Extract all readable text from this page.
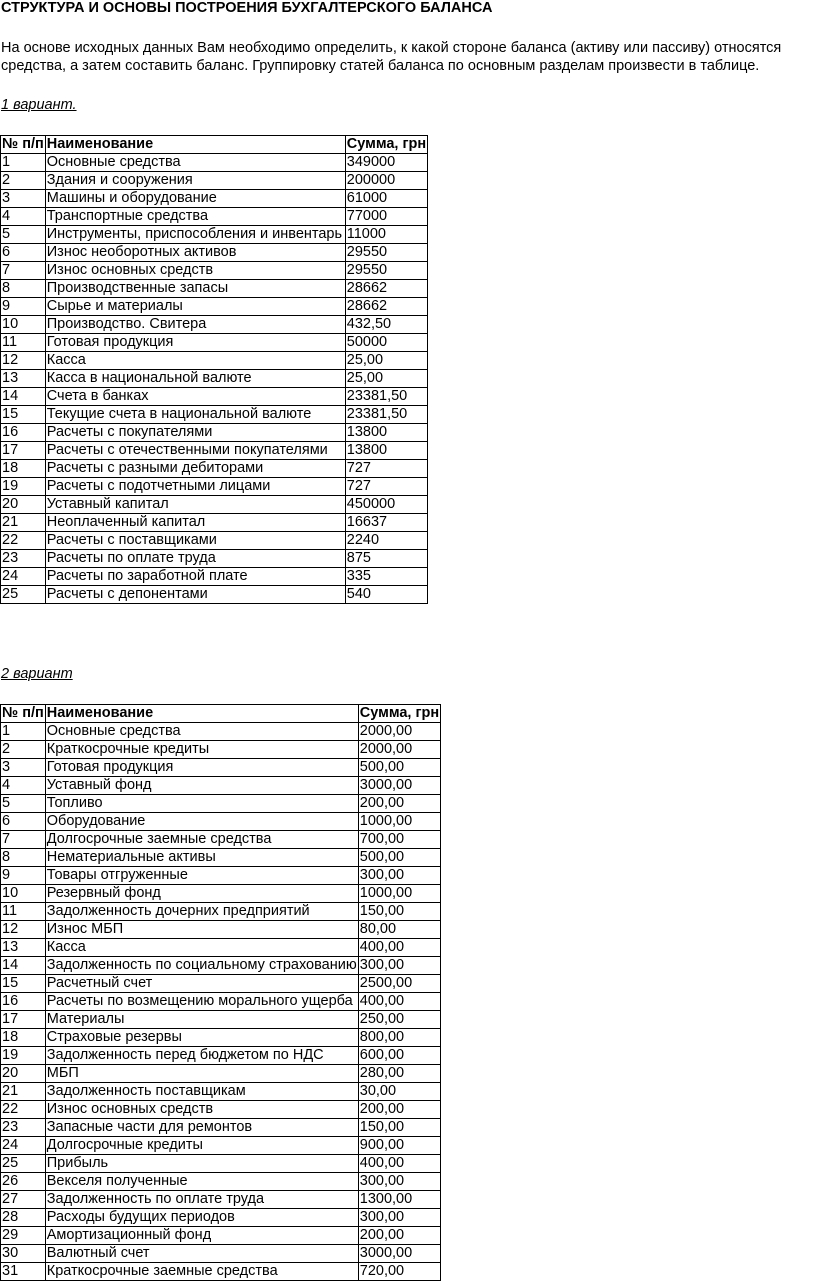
СТРУКТУРА И ОСНОВЫ ПОСТРОЕНИЯ БУХГАЛТЕРСКОГО БАЛАНСА
На основе исходных данных Вам необходимо определить, к какой стороне баланса (активу или пассиву) относятся средства, а затем составить баланс. Группировку статей баланса по основным разделам произвести в таблице.
1 вариант.
№ п/п	Наименование	Сумма, грн
1	Основные средства	349000
2	Здания и сооружения	200000
3	Машины и оборудование	61000
4	Транспортные средства	77000
5	Инструменты, приспособления и инвентарь	11000
6	Износ необоротных активов	29550
7	Износ основных средств	29550
8	Производственные запасы	28662
9	Сырье и материалы	28662
10	Производство. Свитера	432,50
11	Готовая продукция	50000
12	Касса	25,00
13	Касса в национальной валюте	25,00
14	Счета в банках	23381,50
15	Текущие счета в национальной валюте	23381,50
16	Расчеты с покупателями	13800
17	Расчеты с отечественными покупателями	13800
18	Расчеты с разными дебиторами	727
19	Расчеты с подотчетными лицами	727
20	Уставный капитал	450000
21	Неоплаченный капитал	16637
22	Расчеты с поставщиками	2240
23	Расчеты по оплате труда	875
24	Расчеты по заработной плате	335
25	Расчеты с депонентами	540
2 вариант
№ п/п	Наименование	Сумма, грн
1	Основные средства	2000,00
2	Краткосрочные кредиты	2000,00
3	Готовая продукция	500,00
4	Уставный фонд	3000,00
5	Топливо	200,00
6	Оборудование	1000,00
7	Долгосрочные заемные средства	700,00
8	Нематериальные активы	500,00
9	Товары отгруженные	300,00
10	Резервный фонд	1000,00
11	Задолженность дочерних предприятий	150,00
12	Износ МБП	80,00
13	Касса	400,00
14	Задолженность по социальному страхованию	300,00
15	Расчетный счет	2500,00
16	Расчеты по возмещению морального ущерба	400,00
17	Материалы	250,00
18	Страховые резервы	800,00
19	Задолженность перед бюджетом по НДС	600,00
20	МБП	280,00
21	Задолженность поставщикам	30,00
22	Износ основных средств	200,00
23	Запасные части для ремонтов	150,00
24	Долгосрочные кредиты	900,00
25	Прибыль	400,00
26	Векселя полученные	300,00
27	Задолженность по оплате труда	1300,00
28	Расходы будущих периодов	300,00
29	Амортизационный фонд	200,00
30	Валютный счет	3000,00
31	Краткосрочные заемные средства	720,00
